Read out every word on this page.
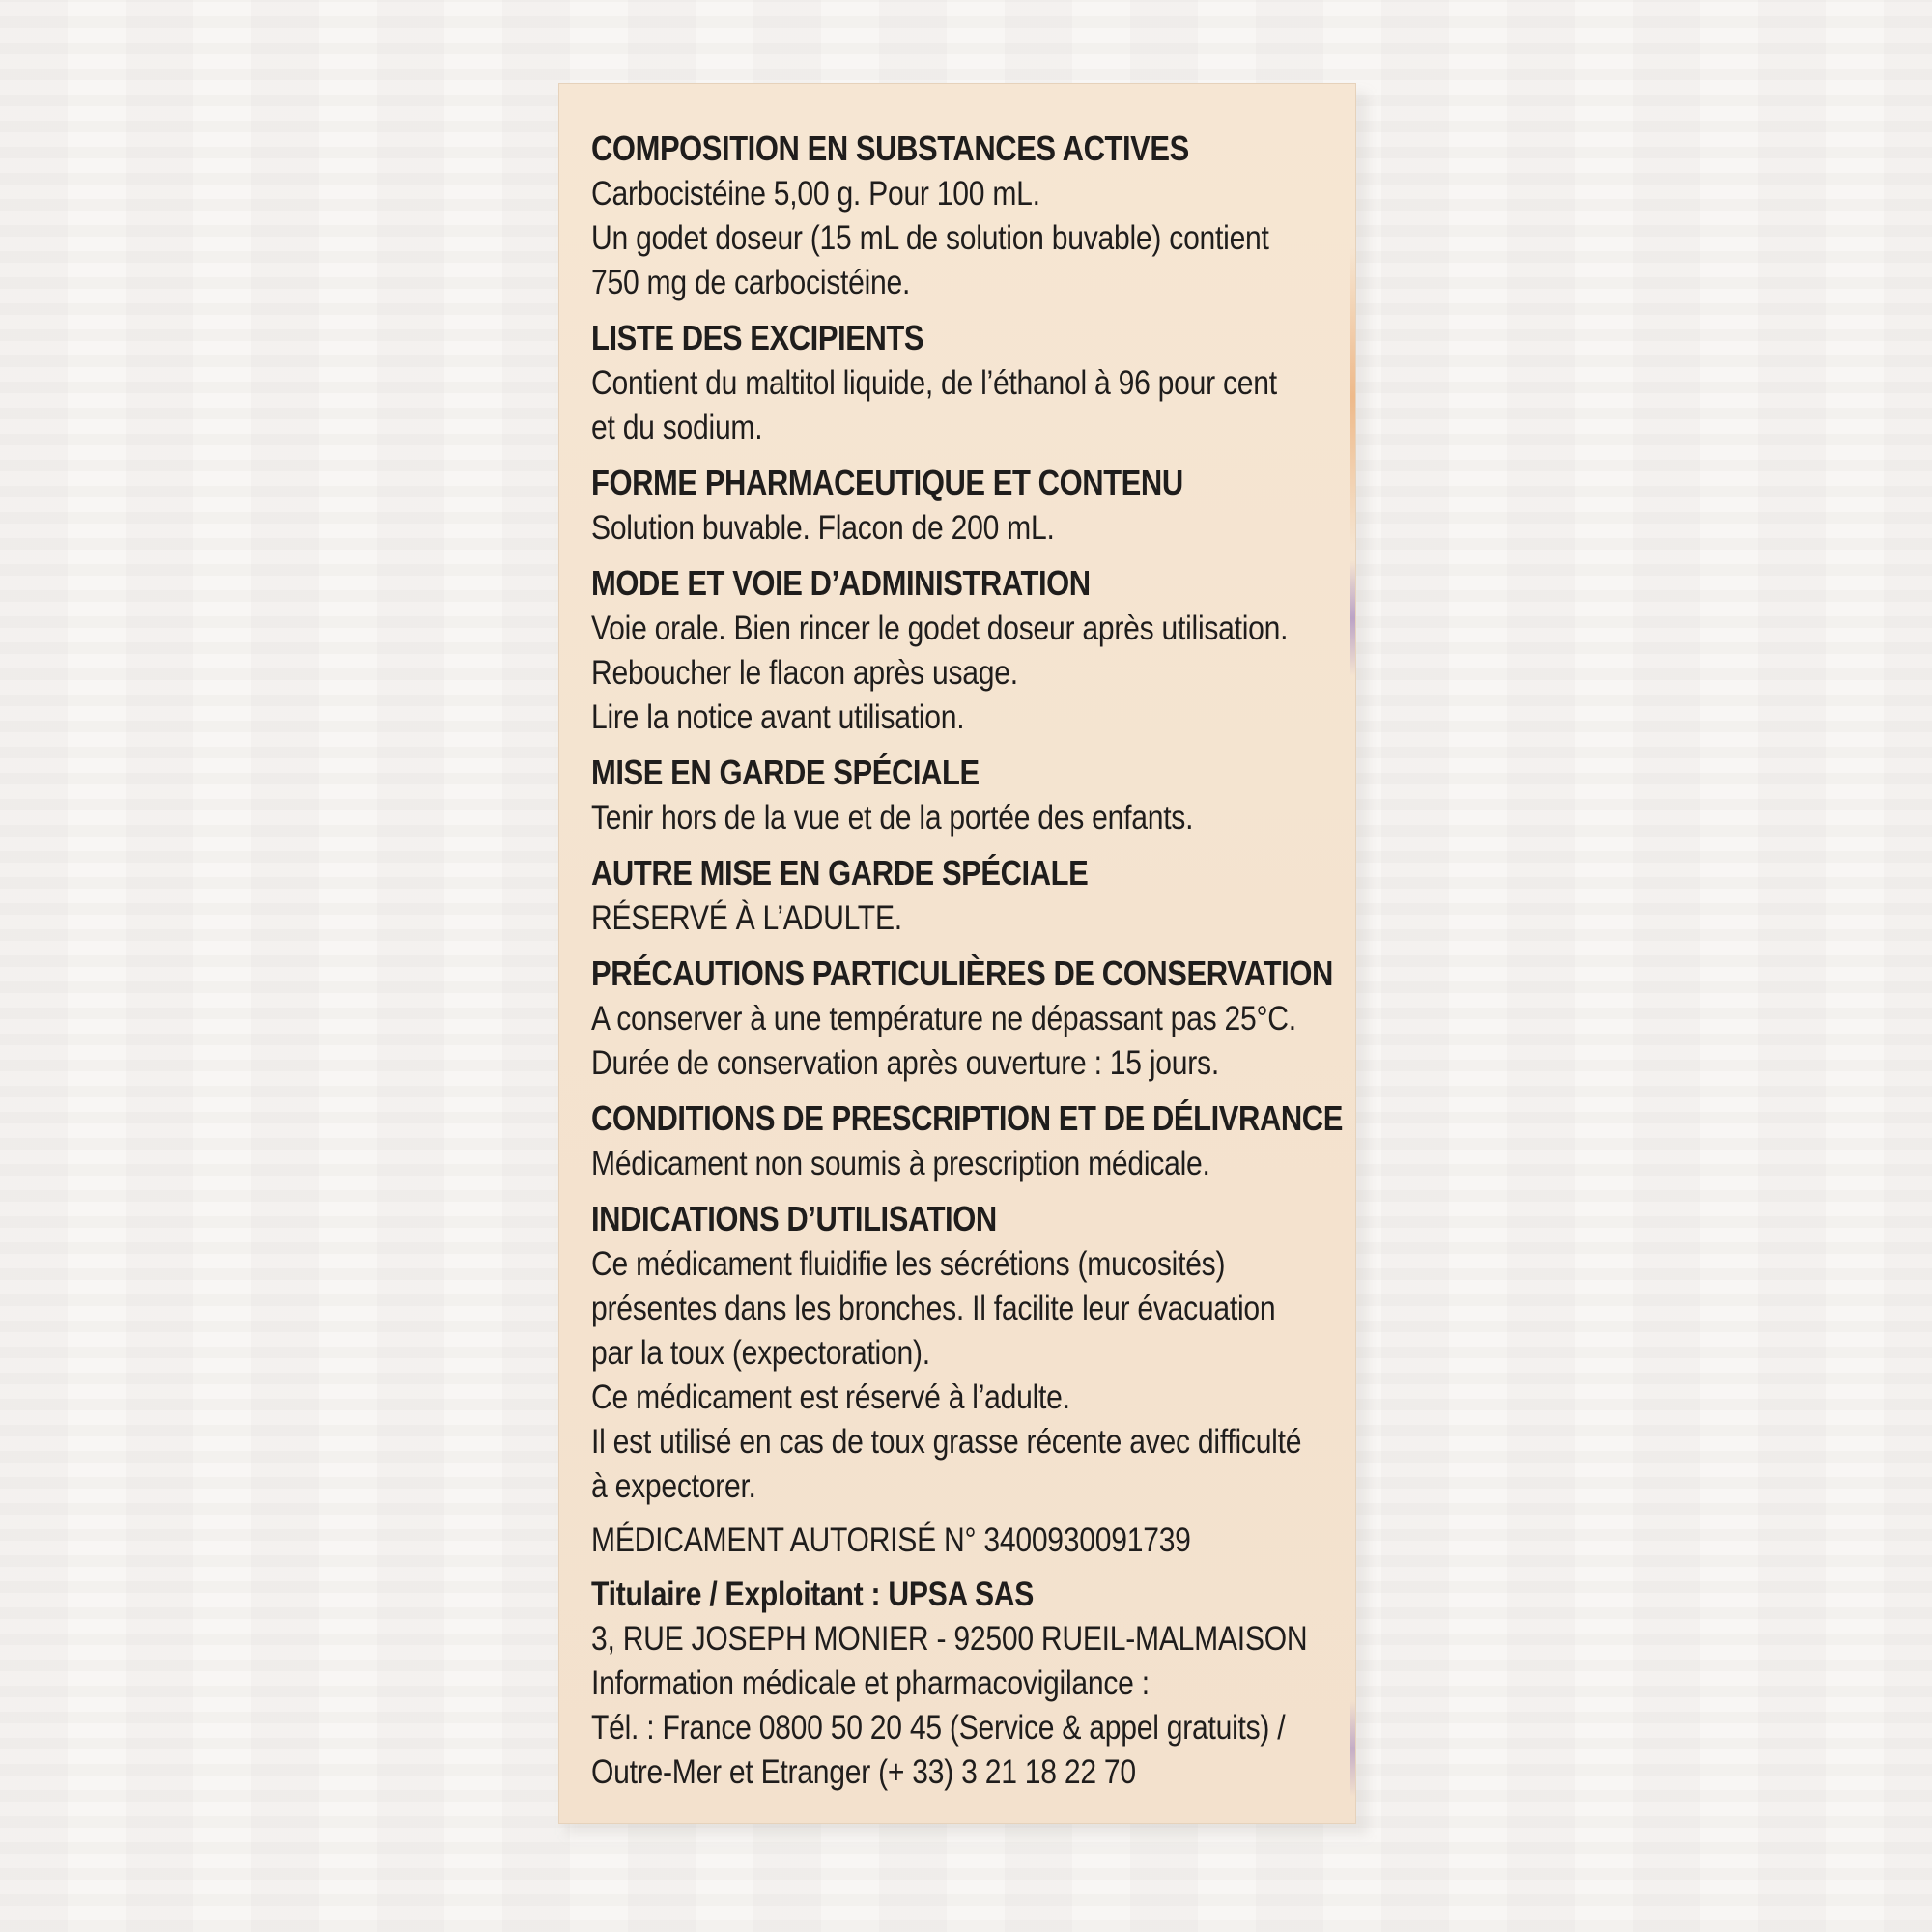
COMPOSITION EN SUBSTANCES ACTIVES
Carbocistéine 5,00 g. Pour 100 mL.
Un godet doseur (15 mL de solution buvable) contient
750 mg de carbocistéine.
LISTE DES EXCIPIENTS
Contient du maltitol liquide, de l’éthanol à 96 pour cent
et du sodium.
FORME PHARMACEUTIQUE ET CONTENU
Solution buvable. Flacon de 200 mL.
MODE ET VOIE D’ADMINISTRATION
Voie orale. Bien rincer le godet doseur après utilisation.
Reboucher le flacon après usage.
Lire la notice avant utilisation.
MISE EN GARDE SPÉCIALE
Tenir hors de la vue et de la portée des enfants.
AUTRE MISE EN GARDE SPÉCIALE
RÉSERVÉ À L’ADULTE.
PRÉCAUTIONS PARTICULIÈRES DE CONSERVATION
A conserver à une température ne dépassant pas 25°C.
Durée de conservation après ouverture : 15 jours.
CONDITIONS DE PRESCRIPTION ET DE DÉLIVRANCE
Médicament non soumis à prescription médicale.
INDICATIONS D’UTILISATION
Ce médicament fluidifie les sécrétions (mucosités)
présentes dans les bronches. Il facilite leur évacuation
par la toux (expectoration).
Ce médicament est réservé à l’adulte.
Il est utilisé en cas de toux grasse récente avec difficulté
à expectorer.
MÉDICAMENT AUTORISÉ N° 3400930091739
Titulaire / Exploitant : UPSA SAS
3, RUE JOSEPH MONIER - 92500 RUEIL-MALMAISON
Information médicale et pharmacovigilance :
Tél. : France 0800 50 20 45 (Service & appel gratuits) /
Outre-Mer et Etranger (+ 33) 3 21 18 22 70
